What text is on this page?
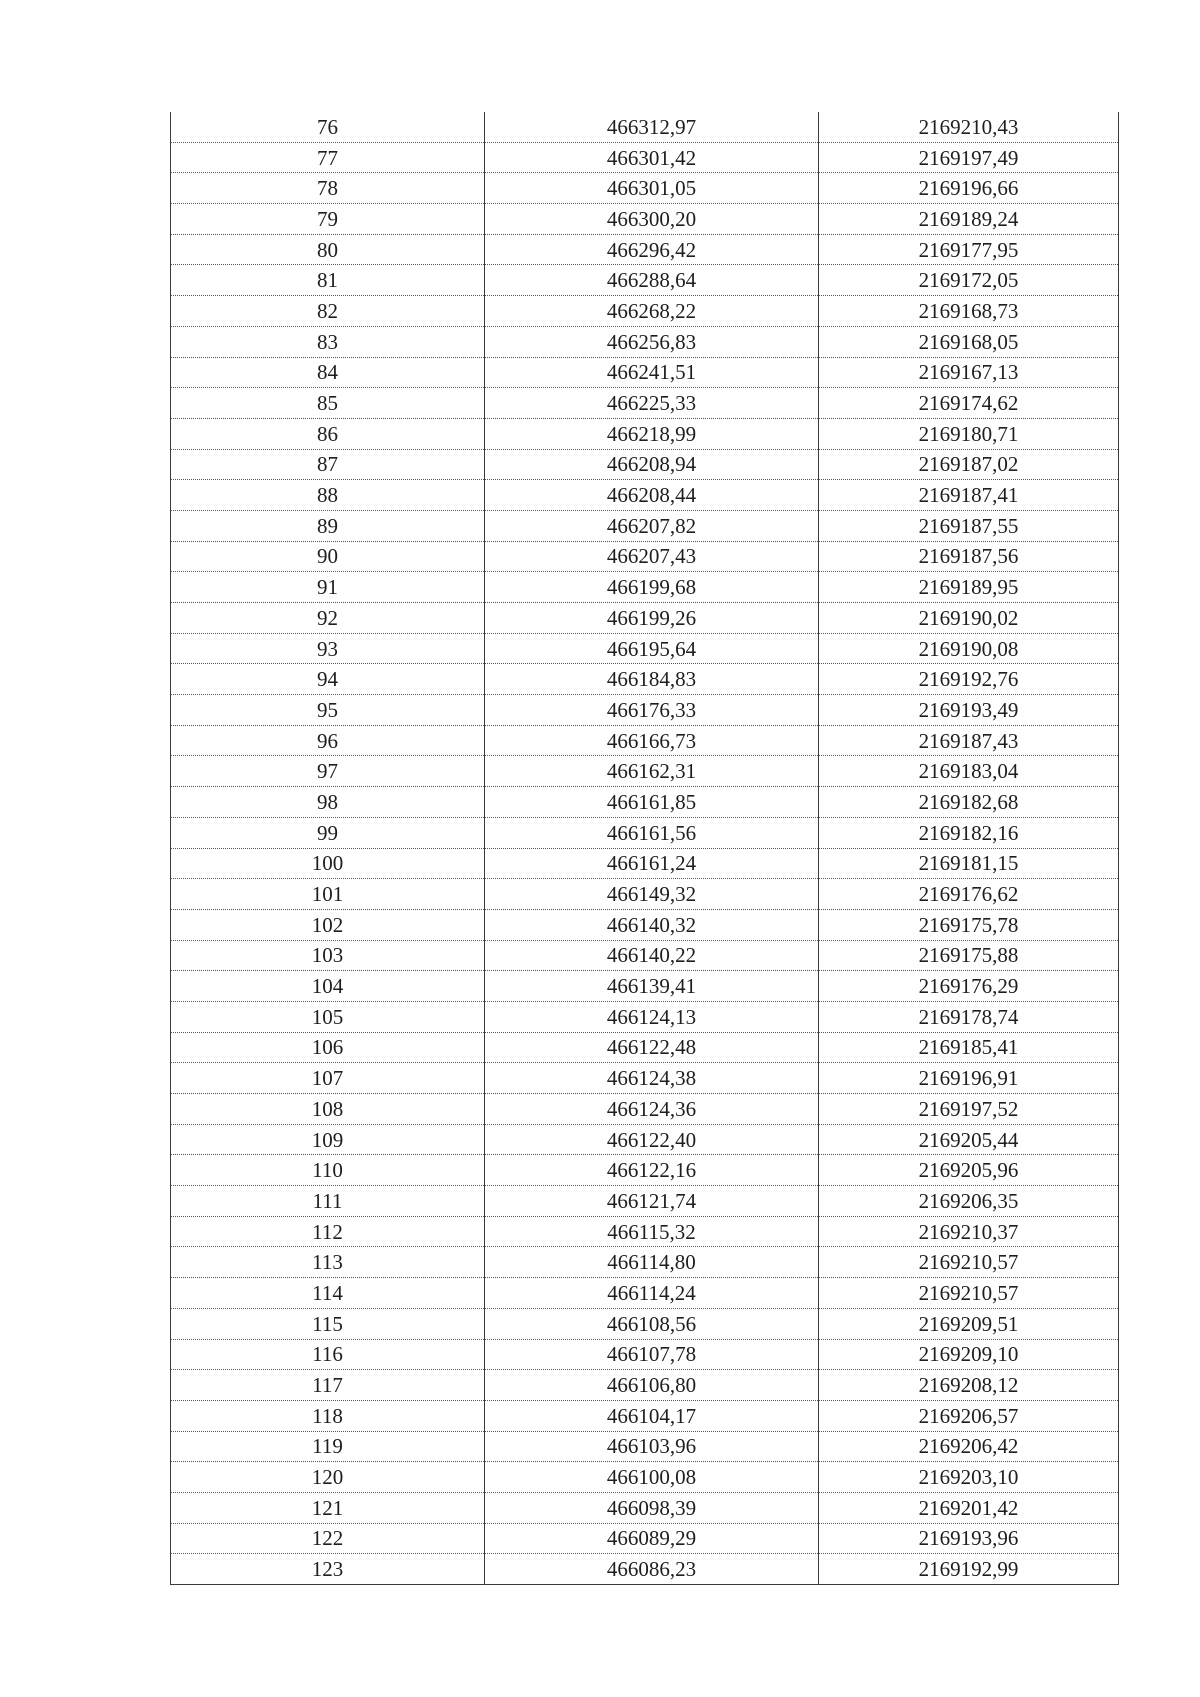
76	466312,97	2169210,43
77	466301,42	2169197,49
78	466301,05	2169196,66
79	466300,20	2169189,24
80	466296,42	2169177,95
81	466288,64	2169172,05
82	466268,22	2169168,73
83	466256,83	2169168,05
84	466241,51	2169167,13
85	466225,33	2169174,62
86	466218,99	2169180,71
87	466208,94	2169187,02
88	466208,44	2169187,41
89	466207,82	2169187,55
90	466207,43	2169187,56
91	466199,68	2169189,95
92	466199,26	2169190,02
93	466195,64	2169190,08
94	466184,83	2169192,76
95	466176,33	2169193,49
96	466166,73	2169187,43
97	466162,31	2169183,04
98	466161,85	2169182,68
99	466161,56	2169182,16
100	466161,24	2169181,15
101	466149,32	2169176,62
102	466140,32	2169175,78
103	466140,22	2169175,88
104	466139,41	2169176,29
105	466124,13	2169178,74
106	466122,48	2169185,41
107	466124,38	2169196,91
108	466124,36	2169197,52
109	466122,40	2169205,44
110	466122,16	2169205,96
111	466121,74	2169206,35
112	466115,32	2169210,37
113	466114,80	2169210,57
114	466114,24	2169210,57
115	466108,56	2169209,51
116	466107,78	2169209,10
117	466106,80	2169208,12
118	466104,17	2169206,57
119	466103,96	2169206,42
120	466100,08	2169203,10
121	466098,39	2169201,42
122	466089,29	2169193,96
123	466086,23	2169192,99
